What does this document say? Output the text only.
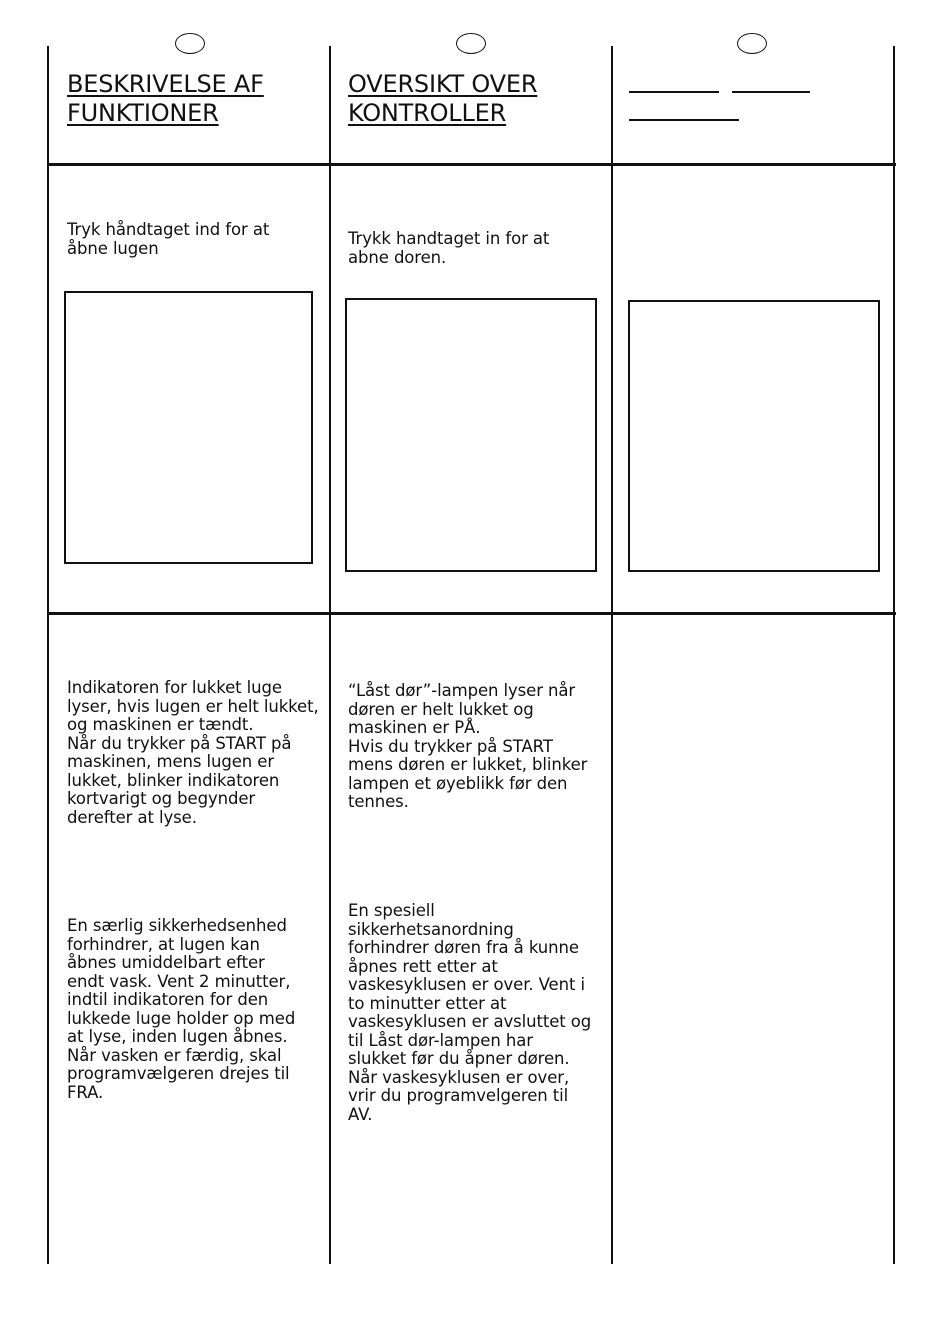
BESKRIVELSE AF
FUNKTIONER

Tryk håndtaget ind for at
åbne lugen

Indikatoren for lukket luge
lyser, hvis lugen er helt lukket,
og maskinen er tændt.
Når du trykker på START på
maskinen, mens lugen er
lukket, blinker indikatoren
kortvarigt og begynder
derefter at lyse.

En særlig sikkerhedsenhed
forhindrer, at lugen kan
åbnes umiddelbart efter
endt vask. Vent 2 minutter,
indtil indikatoren for den
lukkede luge holder op med
at lyse, inden lugen åbnes.
Når vasken er færdig, skal
programvælgeren drejes til
FRA.

OVERSIKT OVER
KONTROLLER

Trykk handtaget in for at
abne doren.

“Låst dør”-lampen lyser når
døren er helt lukket og
maskinen er PÅ.
Hvis du trykker på START
mens døren er lukket, blinker
lampen et øyeblikk før den
tennes.

En spesiell
sikkerhetsanordning
forhindrer døren fra å kunne
åpnes rett etter at
vaskesyklusen er over. Vent i
to minutter etter at
vaskesyklusen er avsluttet og
til Låst dør-lampen har
slukket før du åpner døren.
Når vaskesyklusen er over,
vrir du programvelgeren til
AV.
